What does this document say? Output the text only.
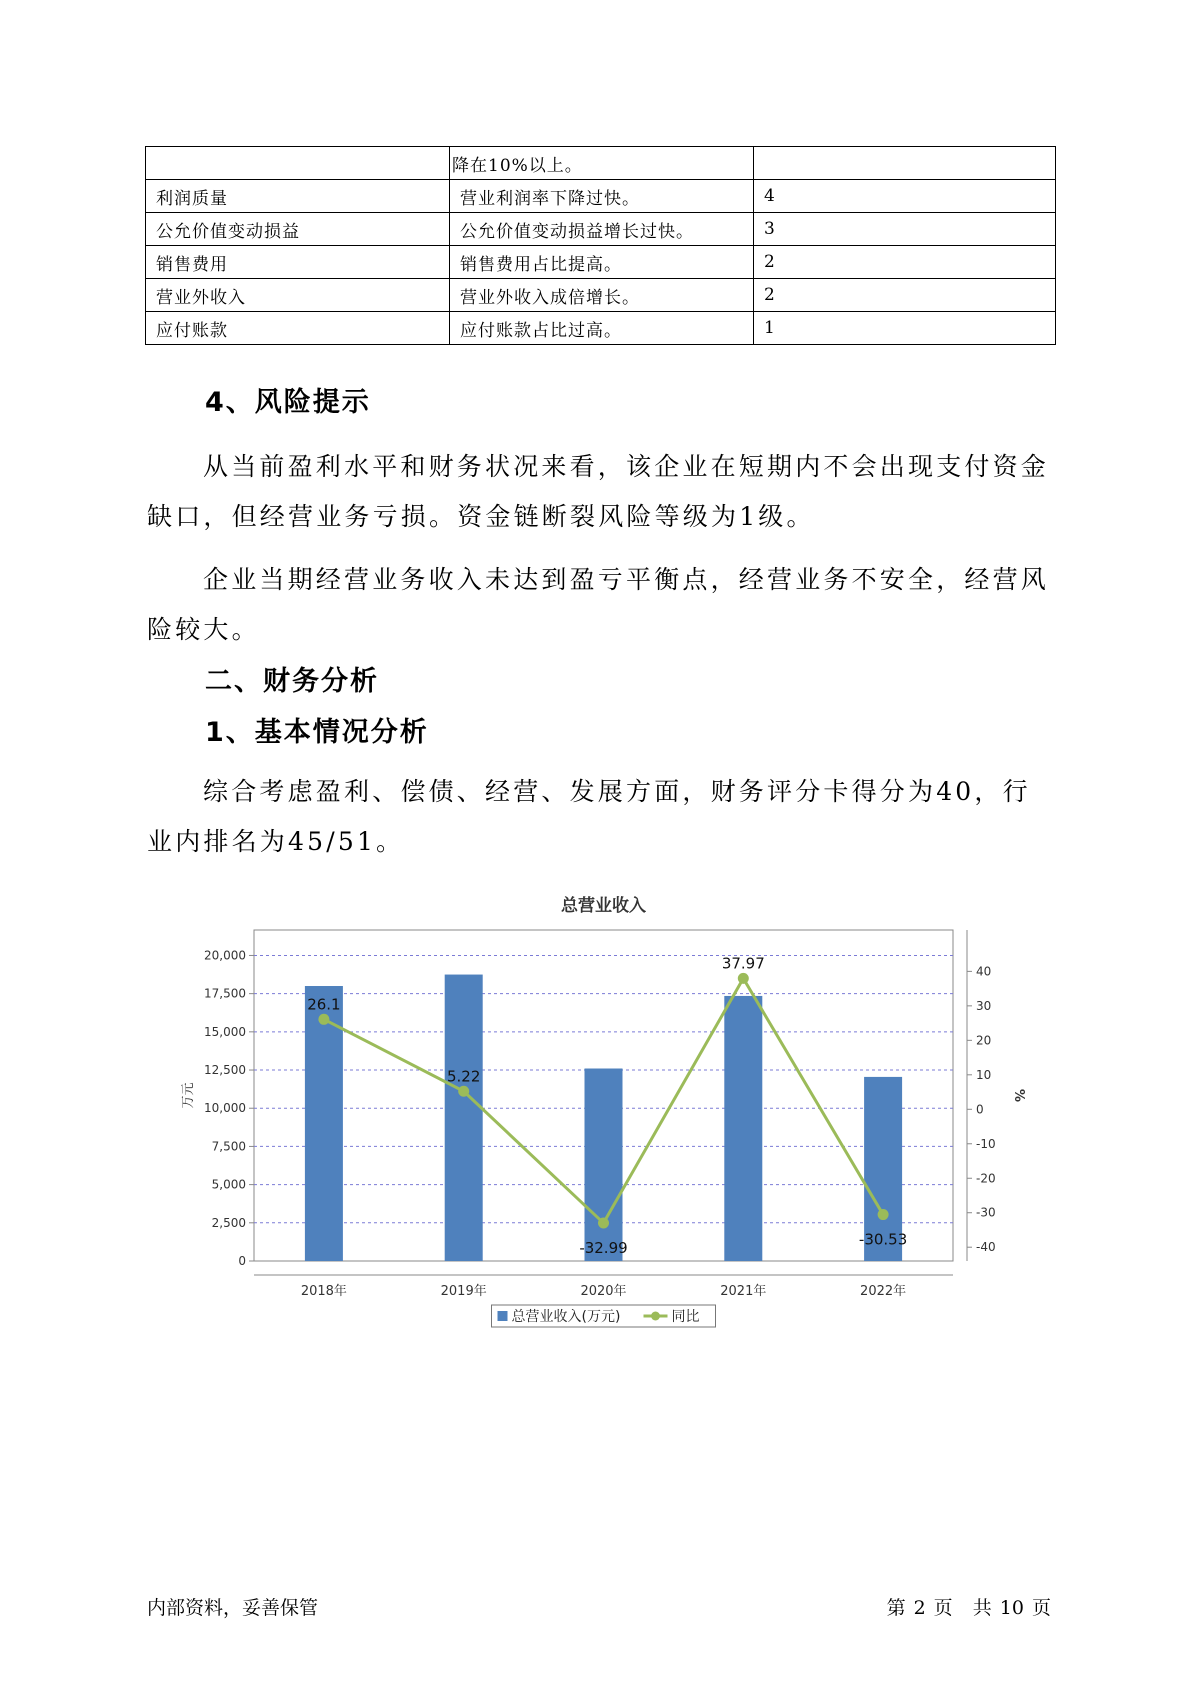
	降在10%以上。	
利润质量	营业利润率下降过快。	4
公允价值变动损益	公允价值变动损益增长过快。	3
销售费用	销售费用占比提高。	2
营业外收入	营业外收入成倍增长。	2
应付账款	应付账款占比过高。	1
4、风险提示

从当前盈利水平和财务状况来看，该企业在短期内不会出现支付资金缺口，但经营业务亏损。资金链断裂风险等级为1级。

企业当期经营业务收入未达到盈亏平衡点，经营业务不安全，经营风险较大。

二、财务分析
1、基本情况分析

综合考虑盈利、偿债、经营、发展方面，财务评分卡得分为40，行业内排名为45/51。

总营业收入
0
2,500
5,000
7,500
10,000
12,500
15,000
17,500
20,000
-40
-30
-20
-10
0
10
20
30
40
万元	%
2018年	2019年	2020年	2021年	2022年
26.1
5.22
-32.99
37.97
-30.53
总营业收入(万元)	同比
内部资料，妥善保管	第 2 页 共 10 页
